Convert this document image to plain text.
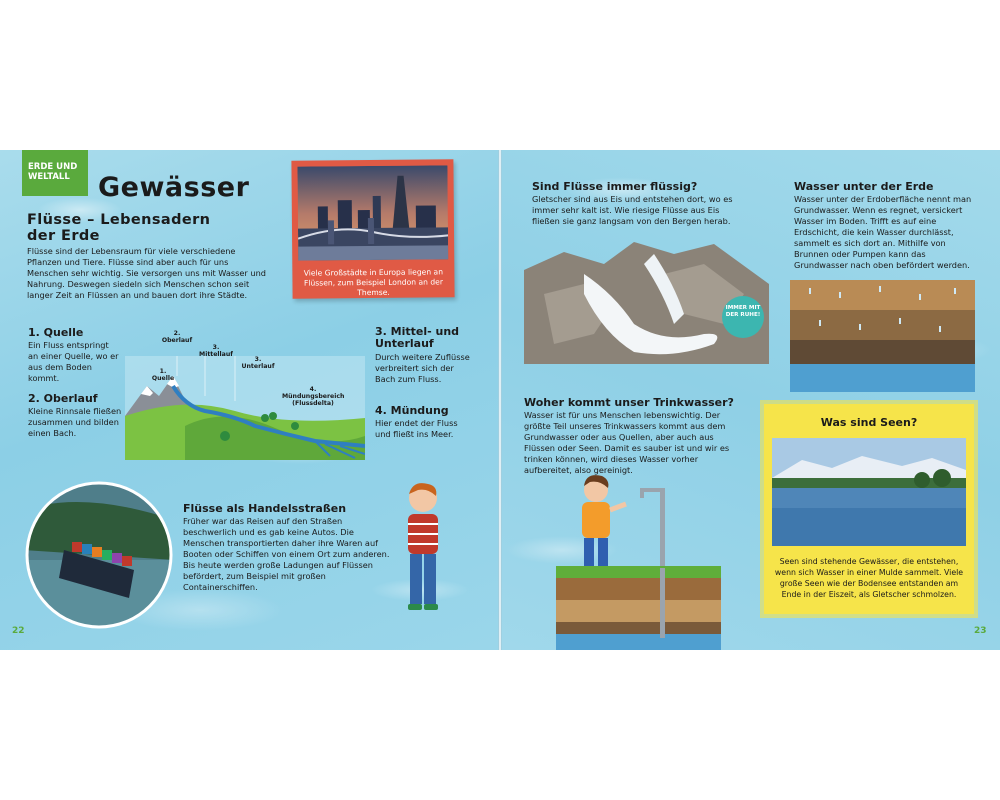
ERDE UND WELTALL	Gewässer
Flüsse – Lebensadern der Erde
Flüsse sind der Lebensraum für viele verschiedene Pflanzen und Tiere. Flüsse sind aber auch für uns Menschen sehr wichtig. Sie versorgen uns mit Wasser und Nahrung. Deswegen siedeln sich Menschen schon seit langer Zeit an Flüssen an und bauen dort ihre Städte.
Viele Großstädte in Europa liegen an Flüssen, zum Beispiel London an der Themse.
1. Quelle
Ein Fluss entspringt an einer Quelle, wo er aus dem Boden kommt.
2. Oberlauf
Kleine Rinnsale fließen zusammen und bilden einen Bach.
3. Mittel- und Unterlauf
Durch weitere Zuflüsse verbreitert sich der Bach zum Fluss.
4. Mündung
Hier endet der Fluss und fließt ins Meer.
1. Quelle
2. Oberlauf
3. Mittellauf
3. Unterlauf
4. Mündungsbereich (Flussdelta)
Flüsse als Handelsstraßen
Früher war das Reisen auf den Straßen beschwerlich und es gab keine Autos. Die Menschen transportierten daher ihre Waren auf Booten oder Schiffen von einem Ort zum anderen. Bis heute werden große Ladungen auf Flüssen befördert, zum Beispiel mit großen Containerschiffen.
22
Sind Flüsse immer flüssig?
Gletscher sind aus Eis und entstehen dort, wo es immer sehr kalt ist. Wie riesige Flüsse aus Eis fließen sie ganz langsam von den Bergen herab.
IMMER MIT DER RUHE!
Wasser unter der Erde
Wasser unter der Erdoberfläche nennt man Grundwasser. Wenn es regnet, versickert Wasser im Boden. Trifft es auf eine Erdschicht, die kein Wasser durchlässt, sammelt es sich dort an. Mithilfe von Brunnen oder Pumpen kann das Grundwasser nach oben befördert werden.
Woher kommt unser Trinkwasser?
Wasser ist für uns Menschen lebenswichtig. Der größte Teil unseres Trinkwassers kommt aus dem Grundwasser oder aus Quellen, aber auch aus Flüssen oder Seen. Damit es sauber ist und wir es trinken können, wird dieses Wasser vorher aufbereitet, also gereinigt.
Was sind Seen?
Seen sind stehende Gewässer, die entstehen, wenn sich Wasser in einer Mulde sammelt. Viele große Seen wie der Bodensee entstanden am Ende in der Eiszeit, als Gletscher schmolzen.
23
